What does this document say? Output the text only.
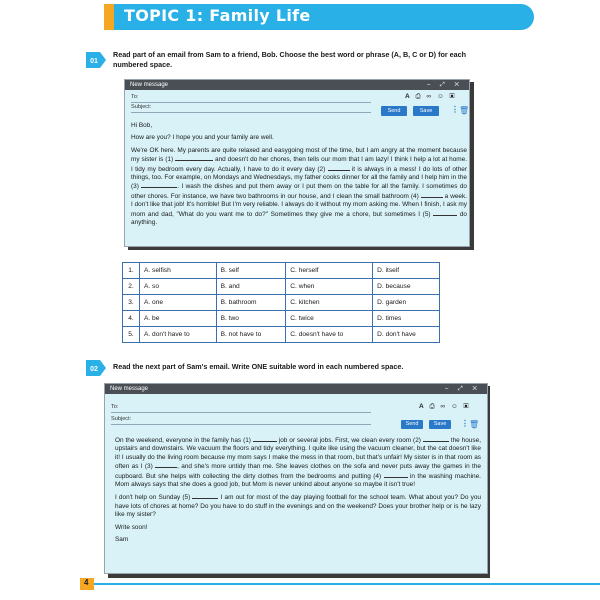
TOPIC 1: Family Life
01
Read part of an email from Sam to a friend, Bob. Choose the best word or phrase (A, B, C or D) for each
numbered space.
New message	– ⤢ ✕
To:
Subject:
A ⎙ ∞ ☺ ▣
Send	Save	⋮ 🗑

Hi Bob,

How are you? I hope you and your family are well.

We're OK here. My parents are quite relaxed and easygoing most of the time, but I am angry at the moment because my sister is (1)	and doesn't do her chores, then tells our mom that I am lazy! I think I help a lot at home. I tidy my bedroom every day. Actually, I have to do it every day (2)	it is always in a mess! I do lots of other things, too. For example, on Mondays and Wednesdays, my father cooks dinner for all the family and I help him in the (3)	. I wash the dishes and put them away or I put them on the table for all the family. I sometimes do other chores. For instance, we have two bathrooms in our house, and I clean the small bathroom (4)	a week. I don't like that job! It's horrible! But I'm very reliable. I always do it without my mom asking me. When I finish, I ask my mom and dad, "What do you want me to do?" Sometimes they give me a chore, but sometimes I (5)	do anything.

1.	A. selfish	B. self	C. herself	D. itself
2.	A. so	B. and	C. when	D. because
3.	A. one	B. bathroom	C. kitchen	D. garden
4.	A. be	B. two	C. twice	D. times
5.	A. don't have to	B. not have to	C. doesn't have to	D. don't have
02 Read the next part of Sam's email. Write ONE suitable word in each numbered space.
New message	– ⤢ ✕
To:
Subject:
A ⎙ ∞ ☺ ▣
Send	Save	⋮ 🗑

On the weekend, everyone in the family has (1)	job or several jobs. First, we clean every room (2)	the house, upstairs and downstairs. We vacuum the floors and tidy everything. I quite like using the vacuum cleaner, but the cat doesn't like it! I usually do the living room because my mom says I make the mess in that room, but that's unfair! My sister is in that room as often as I (3)	, and she's more untidy than me. She leaves clothes on the sofa and never puts away the games in the cupboard. But she helps with collecting the dirty clothes from the bedrooms and putting (4)	in the washing machine. Mom always says that she does a good job, but Mom is never unkind about anyone so maybe it isn't true!

I don't help on Sunday (5)	I am out for most of the day playing football for the school team. What about you? Do you have lots of chores at home? Do you have to do stuff in the evenings and on the weekend? Does your brother help or is he lazy like my sister?

Write soon!

Sam

4
